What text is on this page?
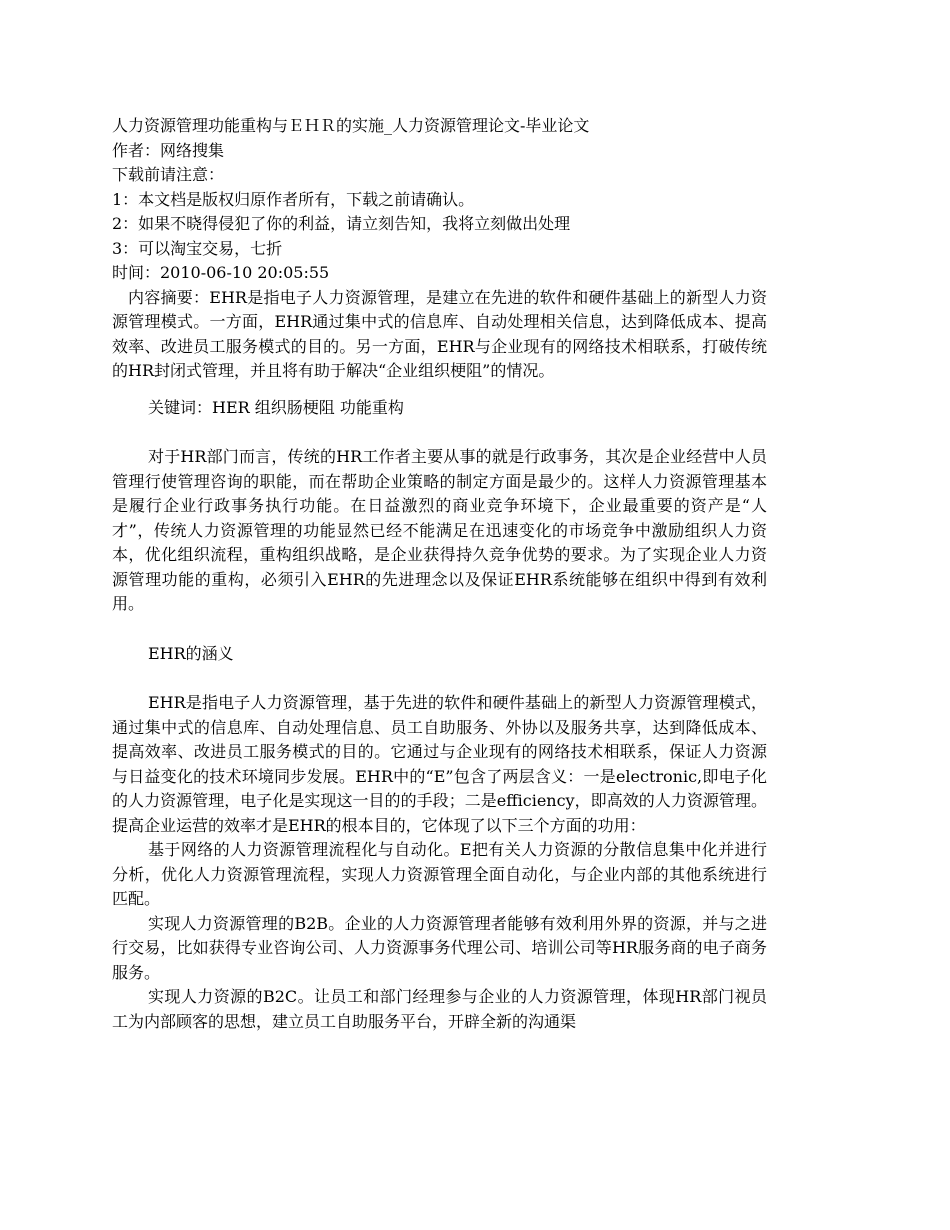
人力资源管理功能重构与ＥＨＲ的实施_人力资源管理论文-毕业论文
作者：网络搜集
下载前请注意：
1：本文档是版权归原作者所有，下载之前请确认。
2：如果不晓得侵犯了你的利益，请立刻告知，我将立刻做出处理
3：可以淘宝交易，七折
时间：2010-06-10 20:05:55

内容摘要：EHR是指电子人力资源管理，是建立在先进的软件和硬件基础上的新型人力资源管理模式。一方面，EHR通过集中式的信息库、自动处理相关信息，达到降低成本、提高效率、改进员工服务模式的目的。另一方面，EHR与企业现有的网络技术相联系，打破传统的HR封闭式管理，并且将有助于解决“企业组织梗阻”的情况。

关键词：HER 组织肠梗阻 功能重构

对于HR部门而言，传统的HR工作者主要从事的就是行政事务，其次是企业经营中人员管理行使管理咨询的职能，而在帮助企业策略的制定方面是最少的。这样人力资源管理基本是履行企业行政事务执行功能。在日益激烈的商业竞争环境下，企业最重要的资产是“人才”，传统人力资源管理的功能显然已经不能满足在迅速变化的市场竞争中激励组织人力资本，优化组织流程，重构组织战略，是企业获得持久竞争优势的要求。为了实现企业人力资源管理功能的重构，必须引入EHR的先进理念以及保证EHR系统能够在组织中得到有效利用。

EHR的涵义

EHR是指电子人力资源管理，基于先进的软件和硬件基础上的新型人力资源管理模式，通过集中式的信息库、自动处理信息、员工自助服务、外协以及服务共享，达到降低成本、提高效率、改进员工服务模式的目的。它通过与企业现有的网络技术相联系，保证人力资源与日益变化的技术环境同步发展。EHR中的“E”包含了两层含义：一是electronic,即电子化的人力资源管理，电子化是实现这一目的的手段；二是efficiency，即高效的人力资源管理。提高企业运营的效率才是EHR的根本目的，它体现了以下三个方面的功用：

基于网络的人力资源管理流程化与自动化。E把有关人力资源的分散信息集中化并进行分析，优化人力资源管理流程，实现人力资源管理全面自动化，与企业内部的其他系统进行匹配。

实现人力资源管理的B2B。企业的人力资源管理者能够有效利用外界的资源，并与之进行交易，比如获得专业咨询公司、人力资源事务代理公司、培训公司等HR服务商的电子商务服务。

实现人力资源的B2C。让员工和部门经理参与企业的人力资源管理，体现HR部门视员工为内部顾客的思想，建立员工自助服务平台，开辟全新的沟通渠
